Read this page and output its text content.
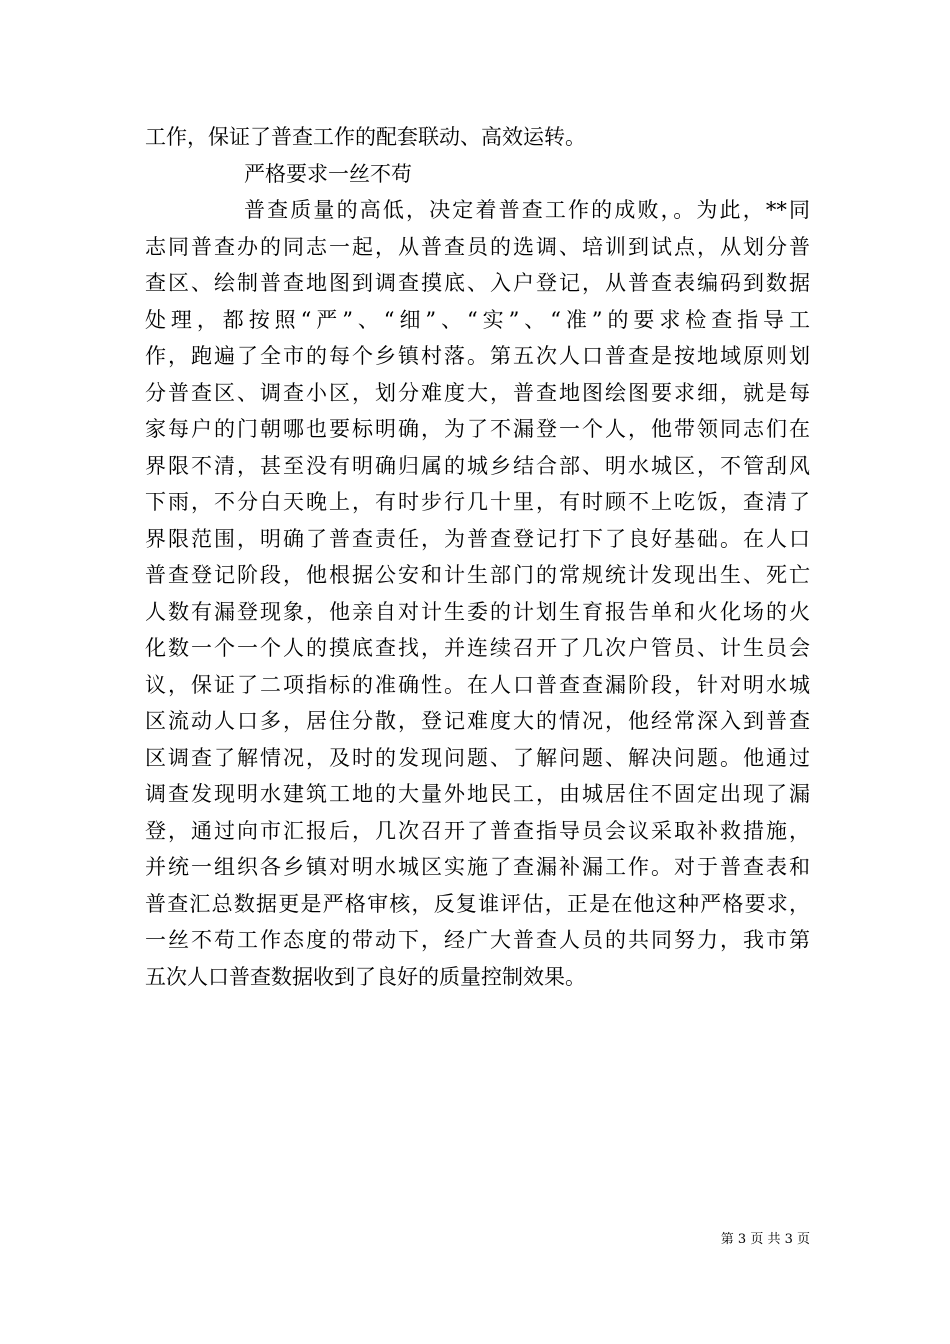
工作，保证了普查工作的配套联动、高效运转。
严格要求一丝不苟
普查质量的高低，决定着普查工作的成败，。为此，**同
志同普查办的同志一起，从普查员的选调、培训到试点，从划分普
查区、绘制普查地图到调查摸底、入户登记，从普查表编码到数据
处理，都按照“严”、“细”、“实”、“准”的要求检查指导工
作，跑遍了全市的每个乡镇村落。第五次人口普查是按地域原则划
分普查区、调查小区，划分难度大，普查地图绘图要求细，就是每
家每户的门朝哪也要标明确，为了不漏登一个人，他带领同志们在
界限不清，甚至没有明确归属的城乡结合部、明水城区，不管刮风
下雨，不分白天晚上，有时步行几十里，有时顾不上吃饭，查清了
界限范围，明确了普查责任，为普查登记打下了良好基础。在人口
普查登记阶段，他根据公安和计生部门的常规统计发现出生、死亡
人数有漏登现象，他亲自对计生委的计划生育报告单和火化场的火
化数一个一个人的摸底查找，并连续召开了几次户管员、计生员会
议，保证了二项指标的准确性。在人口普查查漏阶段，针对明水城
区流动人口多，居住分散，登记难度大的情况，他经常深入到普查
区调查了解情况，及时的发现问题、了解问题、解决问题。他通过
调查发现明水建筑工地的大量外地民工，由城居住不固定出现了漏
登，通过向市汇报后，几次召开了普查指导员会议采取补救措施，
并统一组织各乡镇对明水城区实施了查漏补漏工作。对于普查表和
普查汇总数据更是严格审核，反复谁评估，正是在他这种严格要求，
一丝不苟工作态度的带动下，经广大普查人员的共同努力，我市第
五次人口普查数据收到了良好的质量控制效果。
第 3 页 共 3 页
